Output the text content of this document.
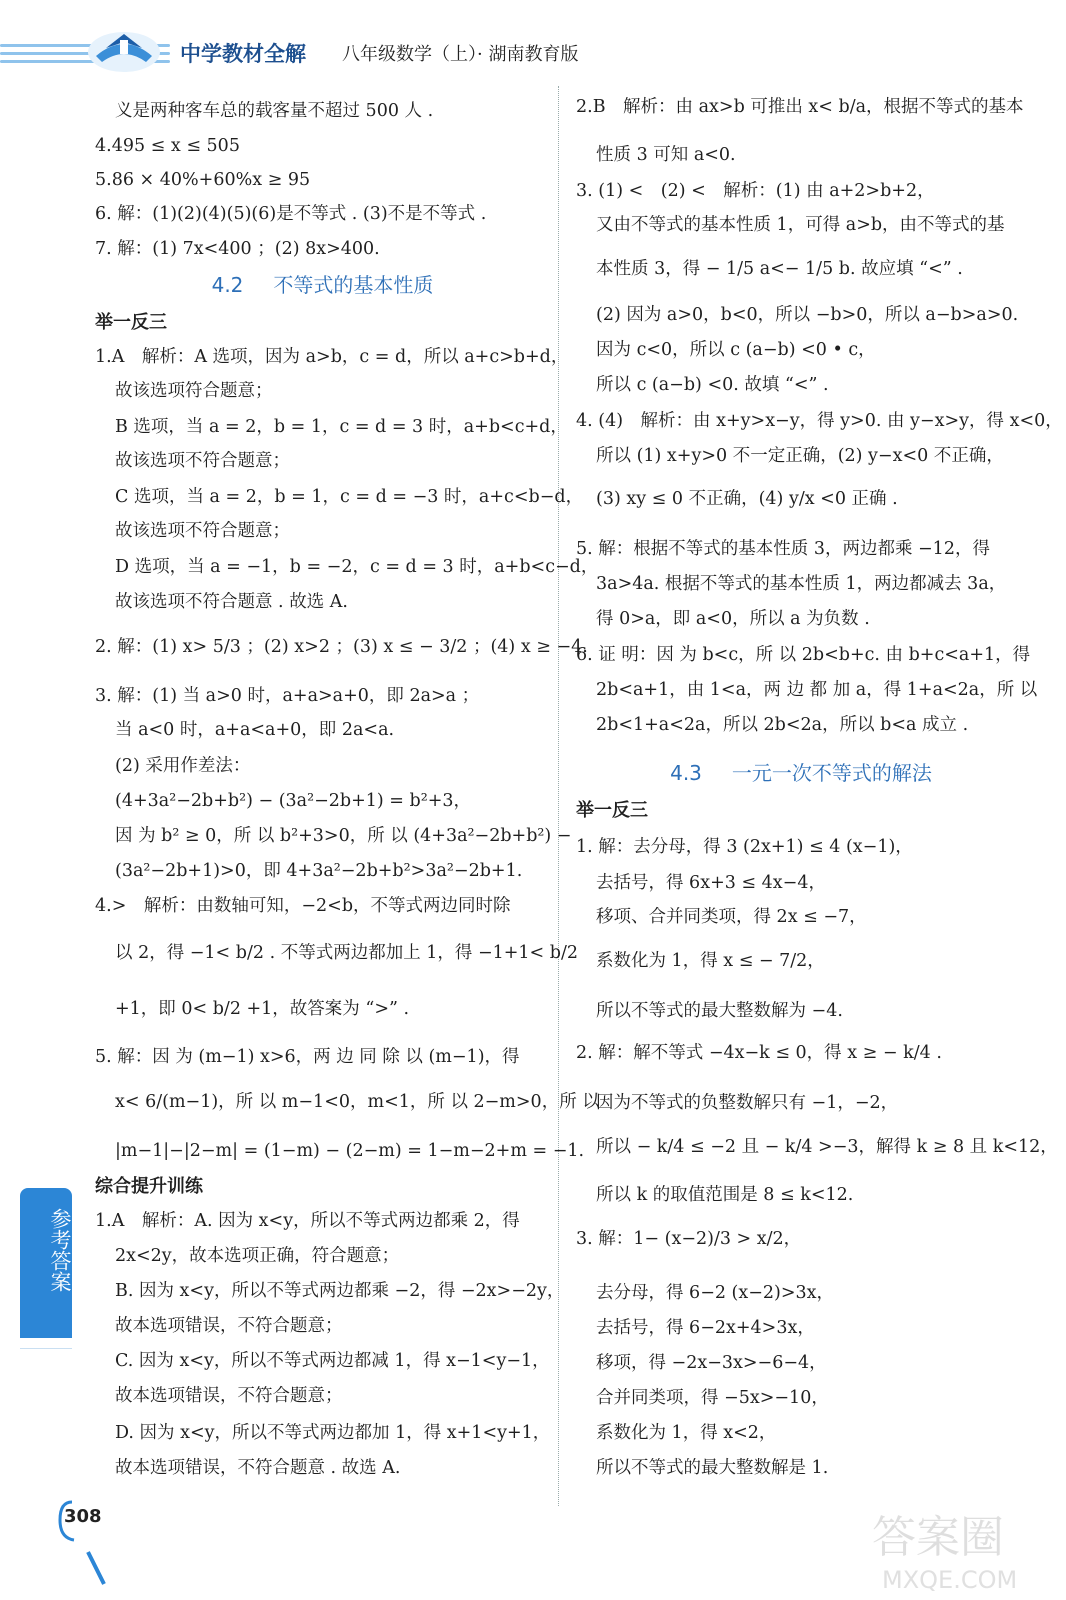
中学教材全解 八年级数学（上）· 湖南教育版
义是两种客车总的载客量不超过 500 人 .
4.495 ≤ x ≤ 505
5.86 × 40%+60%x ≥ 95
6. 解：(1)(2)(4)(5)(6)是不等式 . (3)不是不等式 .
7. 解：(1) 7x<400 ；(2) 8x>400.
4.2 不等式的基本性质
举一反三
1.A　解析：A 选项，因为 a>b，c = d，所以 a+c>b+d，
故该选项符合题意；
B 选项，当 a = 2，b = 1，c = d = 3 时，a+b<c+d，
故该选项不符合题意；
C 选项，当 a = 2，b = 1，c = d = −3 时，a+c<b−d，
故该选项不符合题意；
D 选项，当 a = −1，b = −2，c = d = 3 时，a+b<c−d，
故该选项不符合题意 . 故选 A.
2. 解：(1) x> 5/3 ；(2) x>2 ；(3) x ≤ − 3/2 ；(4) x ≥ −4.
3. 解：(1) 当 a>0 时，a+a>a+0，即 2a>a ；
当 a<0 时，a+a<a+0，即 2a<a.
(2) 采用作差法：
(4+3a²−2b+b²) − (3a²−2b+1) = b²+3，
因 为 b² ≥ 0，所 以 b²+3>0，所 以 (4+3a²−2b+b²) −
(3a²−2b+1)>0，即 4+3a²−2b+b²>3a²−2b+1.
4.>　解析：由数轴可知，−2<b，不等式两边同时除
以 2，得 −1< b/2 . 不等式两边都加上 1，得 −1+1< b/2
+1，即 0< b/2 +1，故答案为 “>” .
5. 解：因 为 (m−1) x>6，两 边 同 除 以 (m−1)，得
x< 6/(m−1)，所 以 m−1<0，m<1，所 以 2−m>0，所 以
|m−1|−|2−m| = (1−m) − (2−m) = 1−m−2+m = −1.
综合提升训练
1.A　解析：A. 因为 x<y，所以不等式两边都乘 2，得
2x<2y，故本选项正确，符合题意；
B. 因为 x<y，所以不等式两边都乘 −2，得 −2x>−2y，
故本选项错误，不符合题意；
C. 因为 x<y，所以不等式两边都减 1，得 x−1<y−1，
故本选项错误，不符合题意；
D. 因为 x<y，所以不等式两边都加 1，得 x+1<y+1，
故本选项错误，不符合题意 . 故选 A.
2.B　解析：由 ax>b 可推出 x< b/a，根据不等式的基本
性质 3 可知 a<0.
3. (1) <　(2) <　解析：(1) 由 a+2>b+2，
又由不等式的基本性质 1，可得 a>b，由不等式的基
本性质 3，得 − 1/5 a<− 1/5 b. 故应填 “<” .
(2) 因为 a>0，b<0，所以 −b>0，所以 a−b>a>0.
因为 c<0，所以 c (a−b) <0 • c，
所以 c (a−b) <0. 故填 “<” .
4. (4)　解析：由 x+y>x−y，得 y>0. 由 y−x>y，得 x<0，
所以 (1) x+y>0 不一定正确，(2) y−x<0 不正确，
(3) xy ≤ 0 不正确，(4) y/x <0 正确 .
5. 解：根据不等式的基本性质 3，两边都乘 −12，得
3a>4a. 根据不等式的基本性质 1，两边都减去 3a，
得 0>a，即 a<0，所以 a 为负数 .
6. 证 明：因 为 b<c，所 以 2b<b+c. 由 b+c<a+1，得
2b<a+1，由 1<a，两 边 都 加 a，得 1+a<2a，所 以
2b<1+a<2a，所以 2b<2a，所以 b<a 成立 .
4.3 一元一次不等式的解法
举一反三
1. 解：去分母，得 3 (2x+1) ≤ 4 (x−1)，
去括号，得 6x+3 ≤ 4x−4，
移项、合并同类项，得 2x ≤ −7，
系数化为 1，得 x ≤ − 7/2，
所以不等式的最大整数解为 −4.
2. 解：解不等式 −4x−k ≤ 0，得 x ≥ − k/4 .
因为不等式的负整数解只有 −1，−2，
所以 − k/4 ≤ −2 且 − k/4 >−3，解得 k ≥ 8 且 k<12，
所以 k 的取值范围是 8 ≤ k<12.
3. 解：1− (x−2)/3 > x/2，
去分母，得 6−2 (x−2)>3x，
去括号，得 6−2x+4>3x，
移项，得 −2x−3x>−6−4，
合并同类项，得 −5x>−10，
系数化为 1，得 x<2，
所以不等式的最大整数解是 1.
参考答案
308	答案圈
MXQE.COM
